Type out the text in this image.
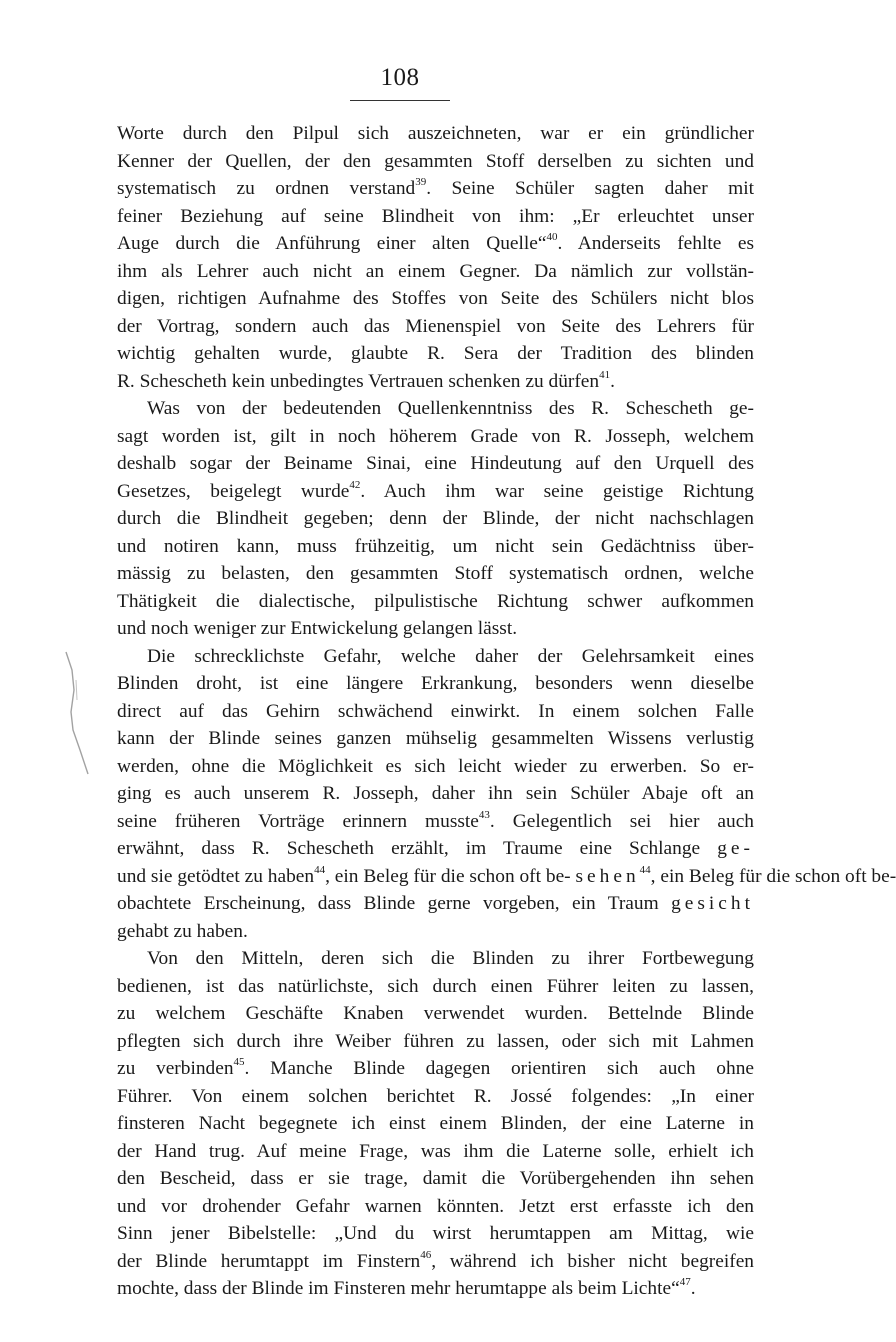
108
Worte durch den Pilpul sich auszeichneten, war er ein gründlicher
Kenner der Quellen, der den gesammten Stoff derselben zu sichten und
systematisch zu ordnen verstand$^{39}$. Seine Schüler sagten daher mit
feiner Beziehung auf seine Blindheit von ihm: „Er erleuchtet unser
Auge durch die Anführung einer alten Quelle“$^{40}$. Anderseits fehlte es
ihm als Lehrer auch nicht an einem Gegner. Da nämlich zur vollstän-
digen, richtigen Aufnahme des Stoffes von Seite des Schülers nicht blos
der Vortrag, sondern auch das Mienenspiel von Seite des Lehrers für
wichtig gehalten wurde, glaubte R. Sera der Tradition des blinden
R. Schescheth kein unbedingtes Vertrauen schenken zu dürfen$^{41}$.
Was von der bedeutenden Quellenkenntniss des R. Schescheth ge-
sagt worden ist, gilt in noch höherem Grade von R. Josseph, welchem
deshalb sogar der Beiname Sinai, eine Hindeutung auf den Urquell des
Gesetzes, beigelegt wurde$^{42}$. Auch ihm war seine geistige Richtung
durch die Blindheit gegeben; denn der Blinde, der nicht nachschlagen
und notiren kann, muss frühzeitig, um nicht sein Gedächtniss über-
mässig zu belasten, den gesammten Stoff systematisch ordnen, welche
Thätigkeit die dialectische, pilpulistische Richtung schwer aufkommen
und noch weniger zur Entwickelung gelangen lässt.
Die schrecklichste Gefahr, welche daher der Gelehrsamkeit eines
Blinden droht, ist eine längere Erkrankung, besonders wenn dieselbe
direct auf das Gehirn schwächend einwirkt. In einem solchen Falle
kann der Blinde seines ganzen mühselig gesammelten Wissens verlustig
werden, ohne die Möglichkeit es sich leicht wieder zu erwerben. So er-
ging es auch unserem R. Josseph, daher ihn sein Schüler Abaje oft an
seine früheren Vorträge erinnern musste$^{43}$. Gelegentlich sei hier auch
erwähnt, dass R. Schescheth erzählt, im Traume eine Schlange ge-
und sie getödtet zu haben$^{44}$, ein Beleg für die schon oft be- sehen$^{44}$, ein Beleg für die schon oft be-
obachtete Erscheinung, dass Blinde gerne vorgeben, ein Traum gesicht
gehabt zu haben.
Von den Mitteln, deren sich die Blinden zu ihrer Fortbewegung
bedienen, ist das natürlichste, sich durch einen Führer leiten zu lassen,
zu welchem Geschäfte Knaben verwendet wurden. Bettelnde Blinde
pflegten sich durch ihre Weiber führen zu lassen, oder sich mit Lahmen
zu verbinden$^{45}$. Manche Blinde dagegen orientiren sich auch ohne
Führer. Von einem solchen berichtet R. Jossé folgendes: „In einer
finsteren Nacht begegnete ich einst einem Blinden, der eine Laterne in
der Hand trug. Auf meine Frage, was ihm die Laterne solle, erhielt ich
den Bescheid, dass er sie trage, damit die Vorübergehenden ihn sehen
und vor drohender Gefahr warnen könnten. Jetzt erst erfasste ich den
Sinn jener Bibelstelle: „Und du wirst herumtappen am Mittag, wie
der Blinde herumtappt im Finstern$^{46}$, während ich bisher nicht begreifen
mochte, dass der Blinde im Finsteren mehr herumtappe als beim Lichte“$^{47}$.
